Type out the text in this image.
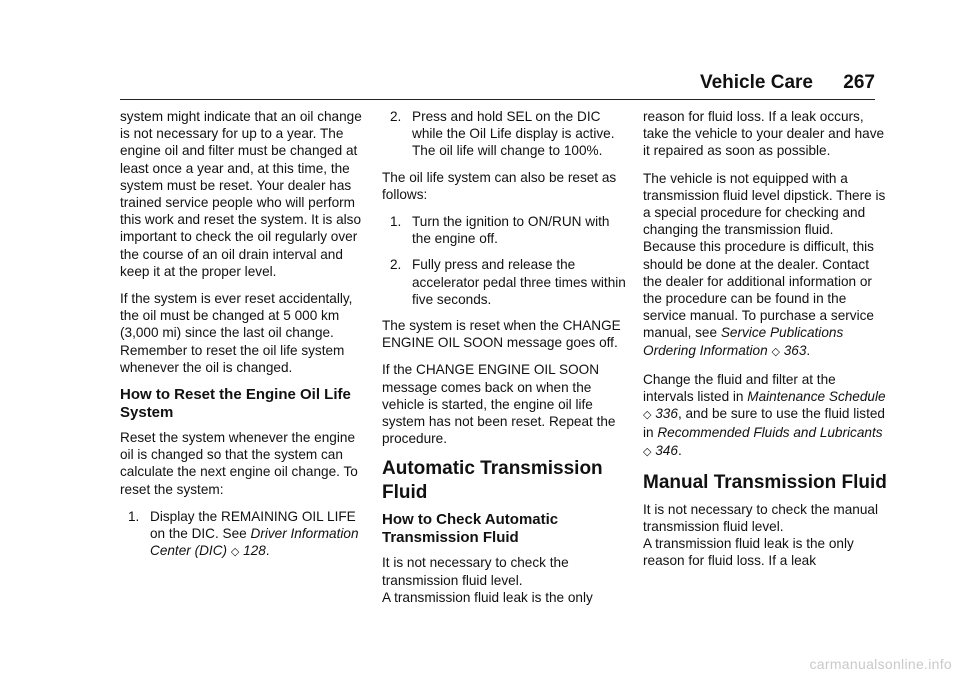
Vehicle Care 267

system might indicate that an oil change is not necessary for up to a year. The engine oil and filter must be changed at least once a year and, at this time, the system must be reset. Your dealer has trained service people who will perform this work and reset the system. It is also important to check the oil regularly over the course of an oil drain interval and keep it at the proper level.

If the system is ever reset accidentally, the oil must be changed at 5 000 km (3,000 mi) since the last oil change. Remember to reset the oil life system whenever the oil is changed.

How to Reset the Engine Oil Life System

Reset the system whenever the engine oil is changed so that the system can calculate the next engine oil change. To reset the system:

1. Display the REMAINING OIL LIFE on the DIC. See Driver Information Center (DIC) ◇ 128.
2. Press and hold SEL on the DIC while the Oil Life display is active. The oil life will change to 100%.

The oil life system can also be reset as follows:

1. Turn the ignition to ON/RUN with the engine off.
2. Fully press and release the accelerator pedal three times within five seconds.

The system is reset when the CHANGE ENGINE OIL SOON message goes off.

If the CHANGE ENGINE OIL SOON message comes back on when the vehicle is started, the engine oil life system has not been reset. Repeat the procedure.

Automatic Transmission Fluid
How to Check Automatic Transmission Fluid

It is not necessary to check the transmission fluid level.

A transmission fluid leak is the only

reason for fluid loss. If a leak occurs, take the vehicle to your dealer and have it repaired as soon as possible.

The vehicle is not equipped with a transmission fluid level dipstick. There is a special procedure for checking and changing the transmission fluid. Because this procedure is difficult, this should be done at the dealer. Contact the dealer for additional information or the procedure can be found in the service manual. To purchase a service manual, see Service Publications Ordering Information ◇ 363.

Change the fluid and filter at the intervals listed in Maintenance Schedule ◇ 336, and be sure to use the fluid listed in Recommended Fluids and Lubricants ◇ 346.

Manual Transmission Fluid

It is not necessary to check the manual transmission fluid level.

A transmission fluid leak is the only reason for fluid loss. If a leak

carmanualsonline.info
